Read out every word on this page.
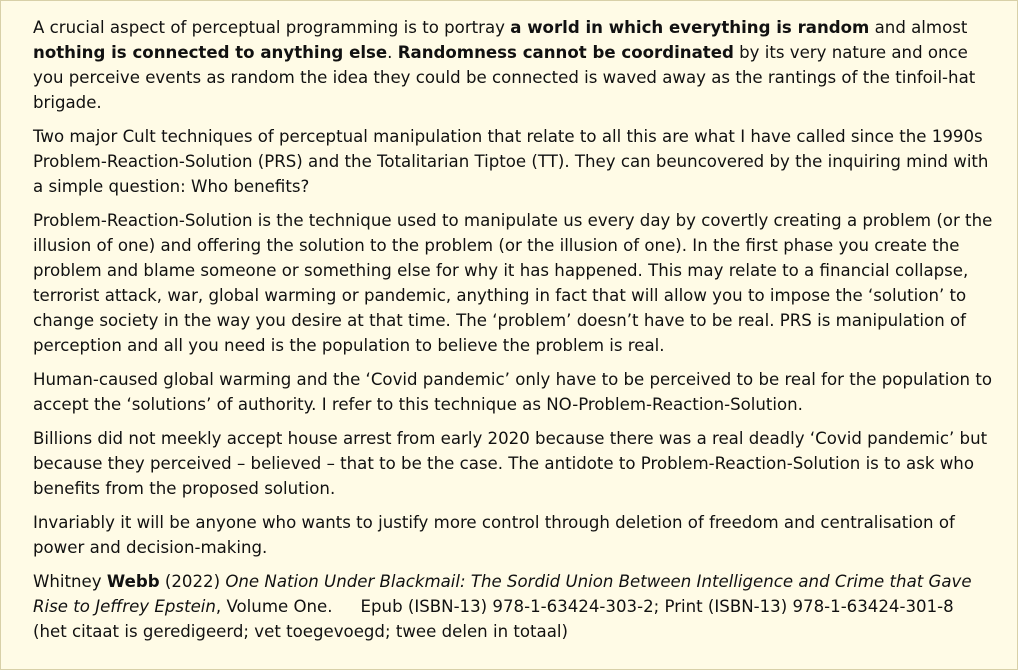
A crucial aspect of perceptual programming is to portray a world in which everything is random and almost nothing is connected to anything else. Randomness cannot be coordinated by its very nature and once you perceive events as random the idea they could be connected is waved away as the rantings of the tinfoil-hat brigade.

Two major Cult techniques of perceptual manipulation that relate to all this are what I have called since the 1990s Problem-Reaction-Solution (PRS) and the Totalitarian Tiptoe (TT). They can beuncovered by the inquiring mind with a simple question: Who benefits?

Problem-Reaction-Solution is the technique used to manipulate us every day by covertly creating a problem (or the illusion of one) and offering the solution to the problem (or the illusion of one). In the first phase you create the problem and blame someone or something else for why it has happened. This may relate to a financial collapse, terrorist attack, war, global warming or pandemic, anything in fact that will allow you to impose the ‘solution’ to change society in the way you desire at that time. The ‘problem’ doesn’t have to be real. PRS is manipulation of perception and all you need is the population to believe the problem is real.

Human-caused global warming and the ‘Covid pandemic’ only have to be perceived to be real for the population to accept the ‘solutions’ of authority. I refer to this technique as NO-Problem-Reaction-Solution.

Billions did not meekly accept house arrest from early 2020 because there was a real deadly ‘Covid pandemic’ but because they perceived – believed – that to be the case. The antidote to Problem-Reaction-Solution is to ask who benefits from the proposed solution.

Invariably it will be anyone who wants to justify more control through deletion of freedom and centralisation of power and decision-making.

Whitney Webb (2022) One Nation Under Blackmail: The Sordid Union Between Intelligence and Crime that Gave Rise to Jeffrey Epstein, Volume One. Epub (ISBN-13) 978-1-63424-303-2; Print (ISBN-13) 978-1-63424-301-8
(het citaat is geredigeerd; vet toegevoegd; twee delen in totaal)
